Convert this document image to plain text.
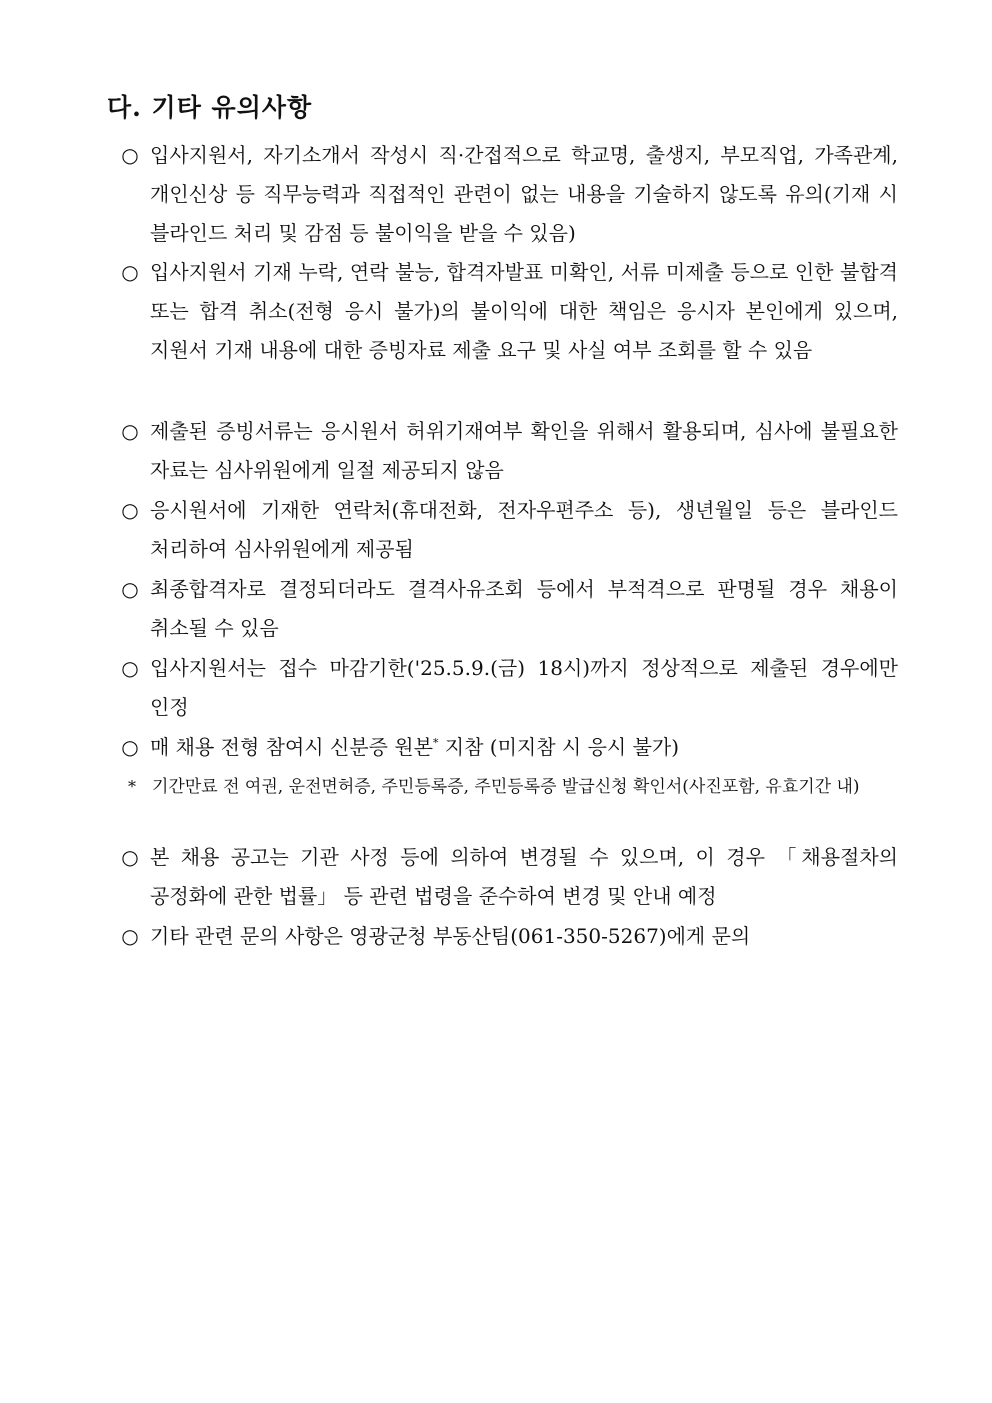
다. 기타 유의사항
○ 입사지원서, 자기소개서 작성시 직·간접적으로 학교명, 출생지, 부모직업, 가족관계, 개인신상 등 직무능력과 직접적인 관련이 없는 내용을 기술하지 않도록 유의(기재 시 블라인드 처리 및 감점 등 불이익을 받을 수 있음)
○ 입사지원서 기재 누락, 연락 불능, 합격자발표 미확인, 서류 미제출 등으로 인한 불합격 또는 합격 취소(전형 응시 불가)의 불이익에 대한 책임은 응시자 본인에게 있으며, 지원서 기재 내용에 대한 증빙자료 제출 요구 및 사실 여부 조회를 할 수 있음
○ 제출된 증빙서류는 응시원서 허위기재여부 확인을 위해서 활용되며, 심사에 불필요한 자료는 심사위원에게 일절 제공되지 않음
○ 응시원서에 기재한 연락처(휴대전화, 전자우편주소 등), 생년월일 등은 블라인드 처리하여 심사위원에게 제공됨
○ 최종합격자로 결정되더라도 결격사유조회 등에서 부적격으로 판명될 경우 채용이 취소될 수 있음
○ 입사지원서는 접수 마감기한('25.5.9.(금) 18시)까지 정상적으로 제출된 경우에만 인정
○ 매 채용 전형 참여시 신분증 원본* 지참 (미지참 시 응시 불가)
* 기간만료 전 여권, 운전면허증, 주민등록증, 주민등록증 발급신청 확인서(사진포함, 유효기간 내)
○ 본 채용 공고는 기관 사정 등에 의하여 변경될 수 있으며, 이 경우 「채용절차의 공정화에 관한 법률」 등 관련 법령을 준수하여 변경 및 안내 예정
○ 기타 관련 문의 사항은 영광군청 부동산팀(061-350-5267)에게 문의
